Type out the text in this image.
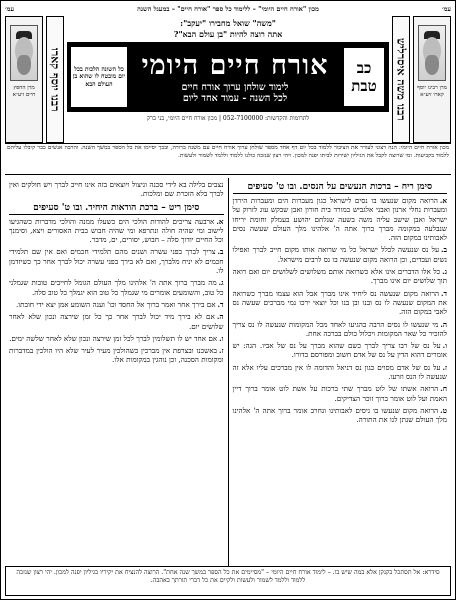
עמ׳
מכון "אורח חיים היומי" – ללימוד כל ספר "אורח חיים" – במעגל השנה
עמ׳
מרן רבינו יוסף קארו זיע״א
רבנו משה איסרליש
"משה" שואל מחבירו "יעקב":
אתה רוצה להיות "בן עולם הבא"?
כב
טבת
אורח חיים היומי
לימוד שולחן ערוך אורח חיים
לכל השנה - עמוד אחד ליום
כל השונה הלכות בכל יום מובטח לו שהוא בן העולם הבא
לתרומות והקדשות: 052-7100000 | מכון אורח חיים היומי, בני ברק
רבנו יוסף קארו
מרן החפץ חיים זיע״א
מכון אורח חיים היומי: הנה רצוני לעורר את הציבור ללמוד בכל יום דף אחד מספר שולחן ערוך אורח חיים עם משנה ברורה, ובכך יסיימו את כל הספר במשך השנה. והרבה אנשים כבר קיבלו עליהם ללמוד בקביעות. ומי שרוצה לקבל את הגיליון ישירות לביתו יפנה למכון. ויהי רצון שנזכה כולנו ללמוד וללמד לשמור ולעשות.
סימן ריח – ברכות הנעשים על הנסים. ובו ט' סעיפים
א.הרואה מקום שנעשו בו נסים לישראל כגון מעברות הים ומעברות הירדן ומעברות נחלי ארנון ואבני אלגביש במורד בית חורון ואבן שבקש עוג לזרוק על ישראל ואבן שישב עליה משה בשעה שנלחם יהושע בעמלק וחומת יריחו שנבלעה במקומה מברך ברוך אתה ה' אלהינו מלך העולם שעשה נסים לאבותינו במקום הזה.
ב.על נס שנעשה לכלל ישראל כל מי שרואה אותו מקום חייב לברך ואפילו נשים ועבדים, וכן הרואה מקום שנעשה בו נס לרבים מישראל.
ג.כל אלו הדברים אינו אלא כשרואה אותם משלושים לשלושים יום ואם רואה תוך שלושים יום אינו מברך.
ד.הרואה מקום שנעשה נס ליחיד אינו מברך אבל הוא עצמו מברך כשרואה את המקום שנעשה לו נס ובנו ובן בנו וכל יוצאי ירכו נמי מברכים שעשה נס לאבי במקום הזה.
ה.מי שנעשו לו נסים הרבה בהגיעו לאחד מכל המקומות שנעשה לו נס צריך להזכיר כל שאר המקומות ויכלול כולם בברכה אחת.
ו.על נס של רבו צריך לברך כשם שהוא מברך על נס של אביו. הגה: יש אומרים דהוא הדין על נס של אדם חשוב ומפורסם בדורו.
ז.על נס של אדם מסוים כגון נס דניאל והדומה לו אין מברכים עליו אלא זה שנעשה לו הנס וזרעו.
ח.הרואה אשתו של לוט מברך שתי ברכות על אשת לוט אומר ברוך דיין האמת ועל לוט אומר ברוך זוכר הצדיקים.
ט.הרואה מקום שנעשו בו ניסים לאבותינו ונחרב אומר ברוך אתה ה' אלהינו מלך העולם שנתן לנו את התורה.
נצבים בלילה בא לידי סכנה וניצול ויוצאים בזה אינו חייב לברך ויש חולקים ואין לברך בלא הזכרת שם ומלכות.
סימן ריט – ברכת הודאות היחיד. ובו ט' סעיפים
א.ארבעה צריכים להודות הולכי הים כשעלו ממנה והולכי מדברות כשהגיעו לישוב ומי שהיה חולה ונתרפא ומי שהיה חבוש בבית האסורים ויצא, וסימנך וכל החיים יודוך סלה – חבוש, יסורים, ים, מדבר.
ב.צריך לברך בפני עשרה ושנים מהם תלמידי חכמים ואם אין שם תלמידי חכמים לא יניח מלברך, ואם לא בירך בפני עשרה יכול לברך אחר כך כשיזדמן לו.
ג.מה מברך ברוך אתה ה' אלהינו מלך העולם הגומל לחייבים טובות שגמלני כל טוב, והשומעים אומרים מי שגמלך כל טוב הוא יגמלך כל טוב סלה.
ד.אם בירך אחר ואמר ברוך אל החסד וכו' וענה השומע אמן יצא ידי חובתו.
ה.אם לא בירך מיד יכול לברך אחר כך כל זמן שירצה ונכון שלא לאחר שלושים יום.
ו.אם אחד יש לו תשלומין לברך לכל זמן שירצה ונכון שלא לאחר שלשה ימים.
ז.באשכנז ובצרפת אין מברכין כשהולכין מעיר לעיר שלא היו הולכין במדברות ומקומות הסכנה, וכן נוהגין במקומות אלו.
סידרא: אל תסתכל בקנקן אלא במה שיש בו. – לימוד אורח חיים היומי – "מסיימים את כל הספר במשך שנה אחת". הרוצה להנציח את יקיריו בגיליון יפנה למכון. יהי רצון שנזכה ללמוד וללמד לשמור ולעשות ולקיים את כל דברי תורתך באהבה.
